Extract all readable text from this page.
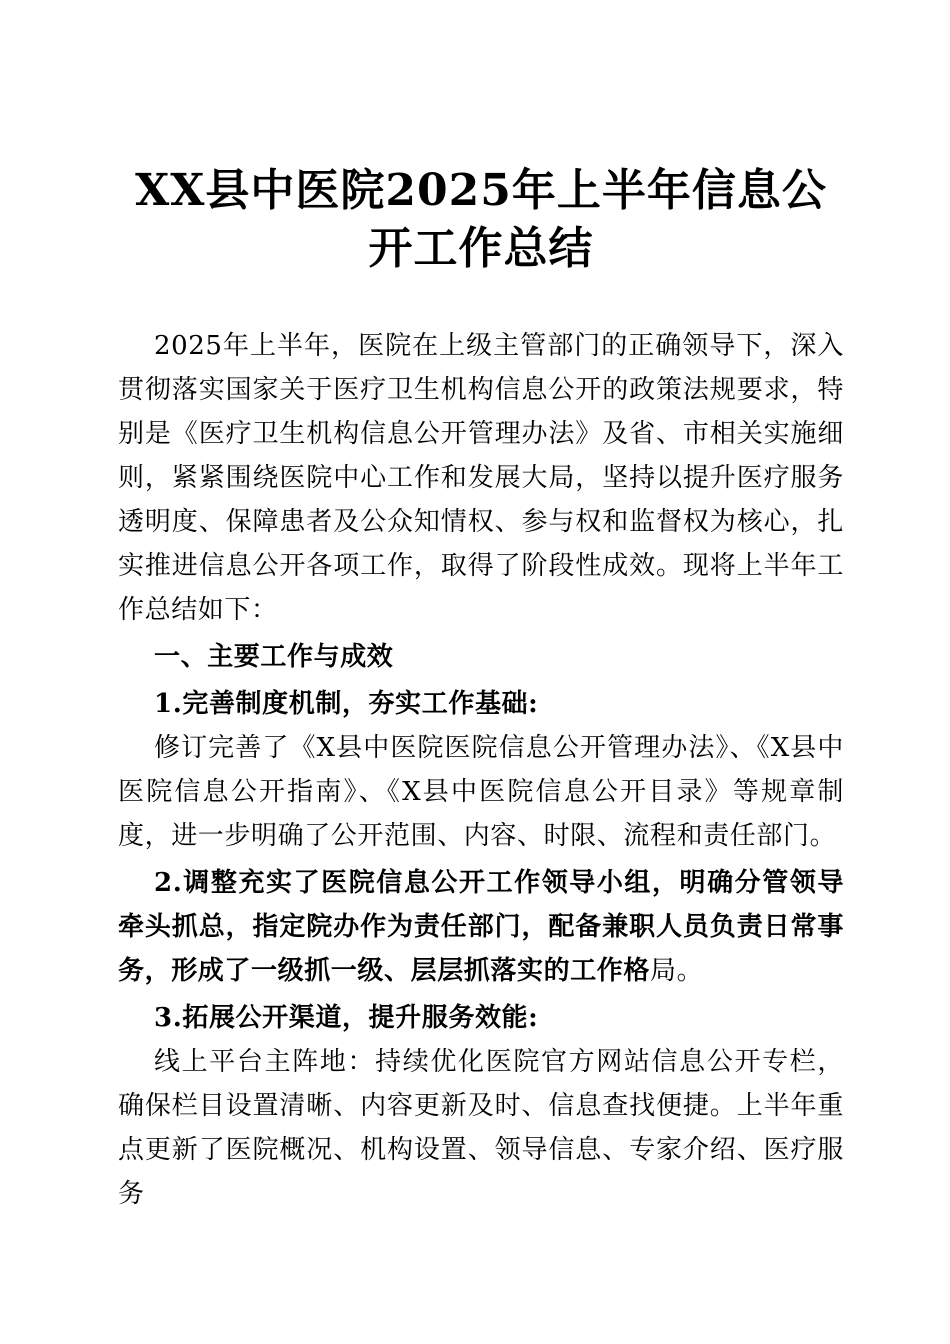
XX县中医院2025年上半年信息公开工作总结

2025年上半年，医院在上级主管部门的正确领导下，深入贯彻落实国家关于医疗卫生机构信息公开的政策法规要求，特别是《医疗卫生机构信息公开管理办法》及省、市相关实施细则，紧紧围绕医院中心工作和发展大局，坚持以提升医疗服务透明度、保障患者及公众知情权、参与权和监督权为核心，扎实推进信息公开各项工作，取得了阶段性成效。现将上半年工作总结如下：

一、主要工作与成效

1.完善制度机制，夯实工作基础:

修订完善了《X县中医院医院信息公开管理办法》、《X县中医院信息公开指南》、《X县中医院信息公开目录》等规章制度，进一步明确了公开范围、内容、时限、流程和责任部门。

2.调整充实了医院信息公开工作领导小组，明确分管领导牵头抓总，指定院办作为责任部门，配备兼职人员负责日常事务，形成了一级抓一级、层层抓落实的工作格局。

3.拓展公开渠道，提升服务效能:

线上平台主阵地：持续优化医院官方网站信息公开专栏，确保栏目设置清晰、内容更新及时、信息查找便捷。上半年重点更新了医院概况、机构设置、领导信息、专家介绍、医疗服务
